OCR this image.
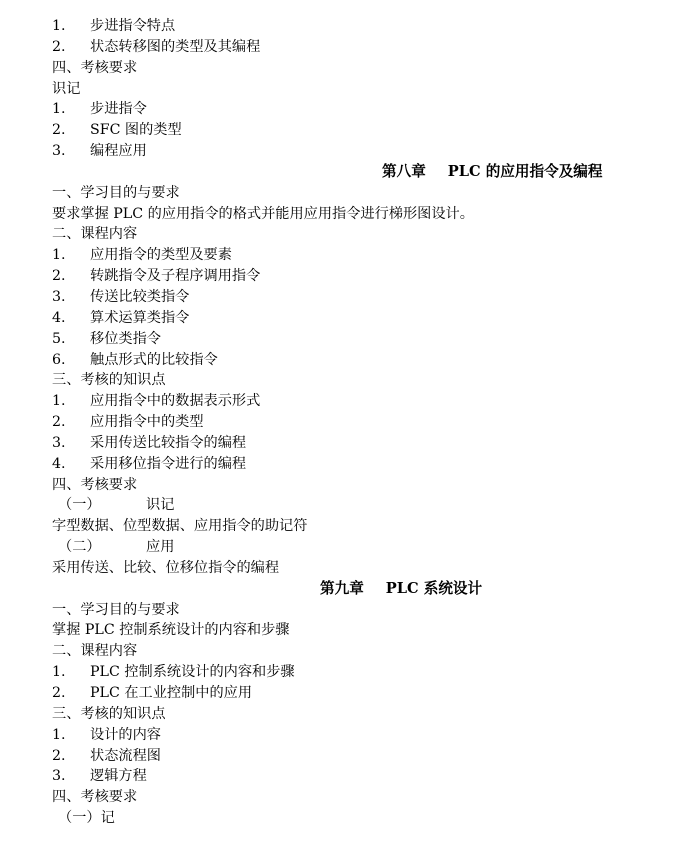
1. 步进指令特点
2. 状态转移图的类型及其编程
四、考核要求
识记
1. 步进指令
2. SFC 图的类型
3. 编程应用
第八章 PLC 的应用指令及编程
一、学习目的与要求
要求掌握 PLC 的应用指令的格式并能用应用指令进行梯形图设计。
二、课程内容
1. 应用指令的类型及要素
2. 转跳指令及子程序调用指令
3. 传送比较类指令
4. 算术运算类指令
5. 移位类指令
6. 触点形式的比较指令
三、考核的知识点
1. 应用指令中的数据表示形式
2. 应用指令中的类型
3. 采用传送比较指令的编程
4. 采用移位指令进行的编程
四、考核要求
（一）	识记
字型数据、位型数据、应用指令的助记符
（二）	应用
采用传送、比较、位移位指令的编程
第九章 PLC 系统设计
一、学习目的与要求
掌握 PLC 控制系统设计的内容和步骤
二、课程内容
1. PLC 控制系统设计的内容和步骤
2. PLC 在工业控制中的应用
三、考核的知识点
1. 设计的内容
2. 状态流程图
3. 逻辑方程
四、考核要求
（一）记
